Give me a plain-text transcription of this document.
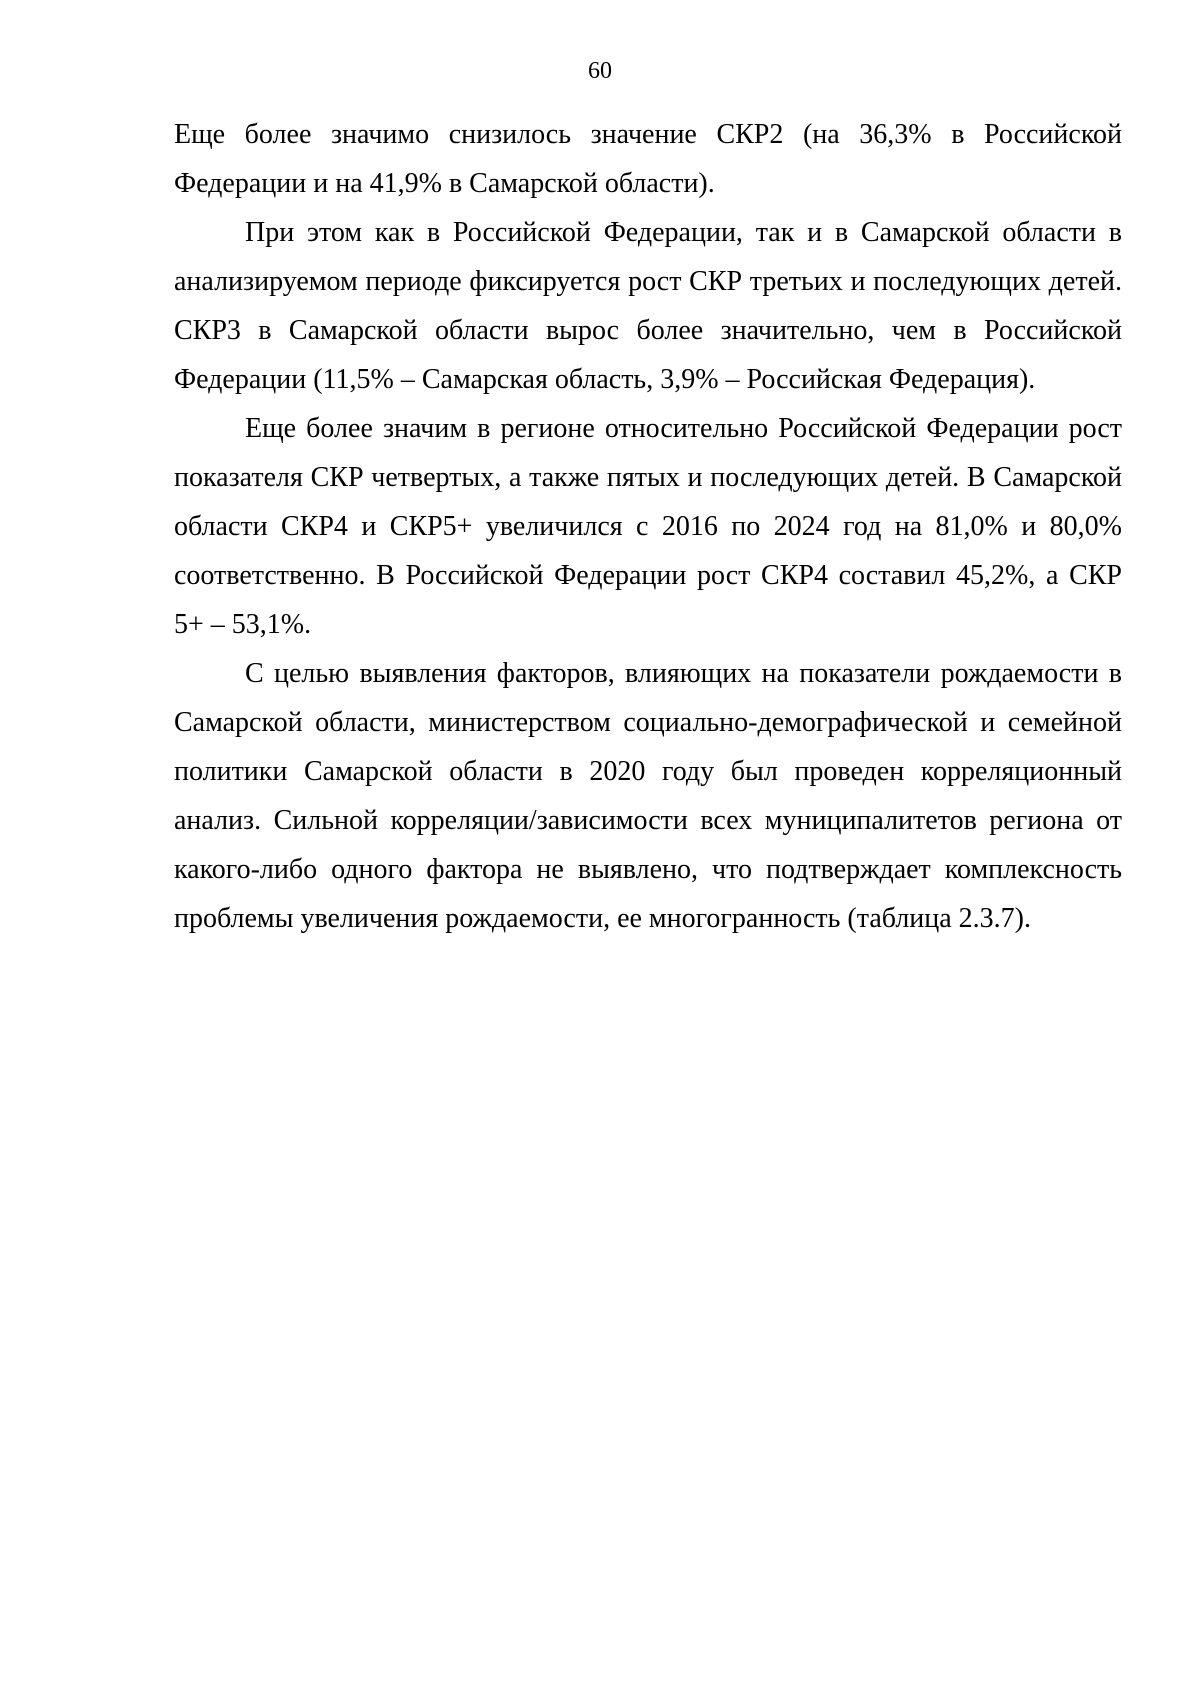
60

Еще более значимо снизилось значение СКР2 (на 36,3% в Российской Федерации и на 41,9% в Самарской области).

При этом как в Российской Федерации, так и в Самарской области в анализируемом периоде фиксируется рост СКР третьих и последующих детей. СКР3 в Самарской области вырос более значительно, чем в Российской Федерации (11,5% – Самарская область, 3,9% – Российская Федерация).

Еще более значим в регионе относительно Российской Федерации рост показателя СКР четвертых, а также пятых и последующих детей. В Самарской области СКР4 и СКР5+ увеличился с 2016 по 2024 год на 81,0% и 80,0% соответственно. В Российской Федерации рост СКР4 составил 45,2%, а СКР 5+ – 53,1%.

С целью выявления факторов, влияющих на показатели рождаемости в Самарской области, министерством социально-демографической и семейной политики Самарской области в 2020 году был проведен корреляционный анализ. Сильной корреляции/зависимости всех муниципалитетов региона от какого-либо одного фактора не выявлено, что подтверждает комплексность проблемы увеличения рождаемости, ее многогранность (таблица 2.3.7).
